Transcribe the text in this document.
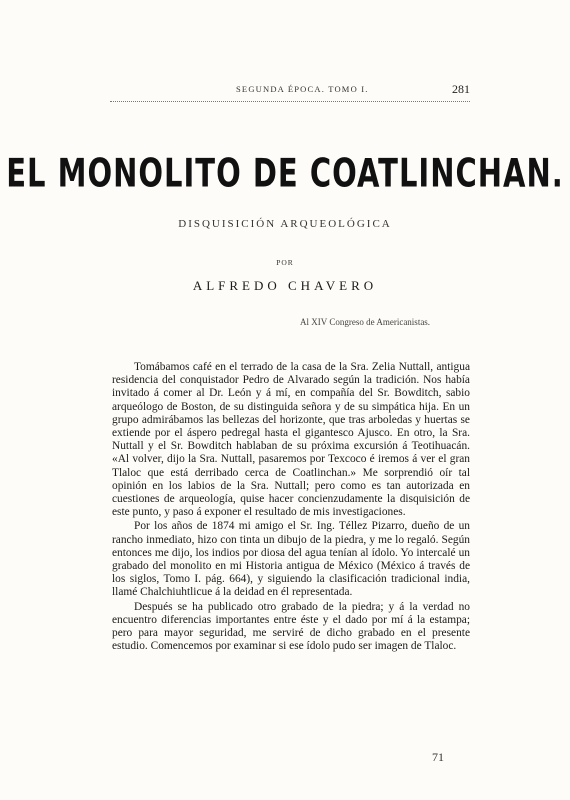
SEGUNDA ÉPOCA. TOMO I.	281
EL MONOLITO DE COATLINCHAN.
DISQUISICIÓN ARQUEOLÓGICA
POR
ALFREDO CHAVERO
Al XIV Congreso de Americanistas.

Tomábamos café en el terrado de la casa de la Sra. Zelia Nuttall, antigua residencia del conquistador Pedro de Alvarado según la tradición. Nos había invitado á comer al Dr. León y á mí, en compañía del Sr. Bowditch, sabio arqueólogo de Boston, de su distinguida señora y de su simpática hija. En un grupo admirábamos las bellezas del horizonte, que tras arboledas y huertas se extiende por el áspero pedregal hasta el gigantesco Ajusco. En otro, la Sra. Nuttall y el Sr. Bowditch hablaban de su próxima excursión á Teotihuacán. «Al volver, dijo la Sra. Nuttall, pasaremos por Texcoco é iremos á ver el gran Tlaloc que está derribado cerca de Coatlinchan.» Me sorprendió oír tal opinión en los labios de la Sra. Nuttall; pero como es tan autorizada en cuestiones de arqueología, quise hacer concienzudamente la disquisición de este punto, y paso á exponer el resultado de mis investigaciones.

Por los años de 1874 mi amigo el Sr. Ing. Téllez Pizarro, dueño de un rancho inmediato, hizo con tinta un dibujo de la piedra, y me lo regaló. Según entonces me dijo, los indios por diosa del agua tenían al ídolo. Yo intercalé un grabado del monolito en mi Historia antigua de México (México á través de los siglos, Tomo I. pág. 664), y siguiendo la clasificación tradicional india, llamé Chalchiuhtlicue á la deidad en él representada.

Después se ha publicado otro grabado de la piedra; y á la verdad no encuentro diferencias importantes entre éste y el dado por mí á la estampa; pero para mayor seguridad, me serviré de dicho grabado en el presente estudio. Comencemos por examinar si ese ídolo pudo ser imagen de Tlaloc.

71
